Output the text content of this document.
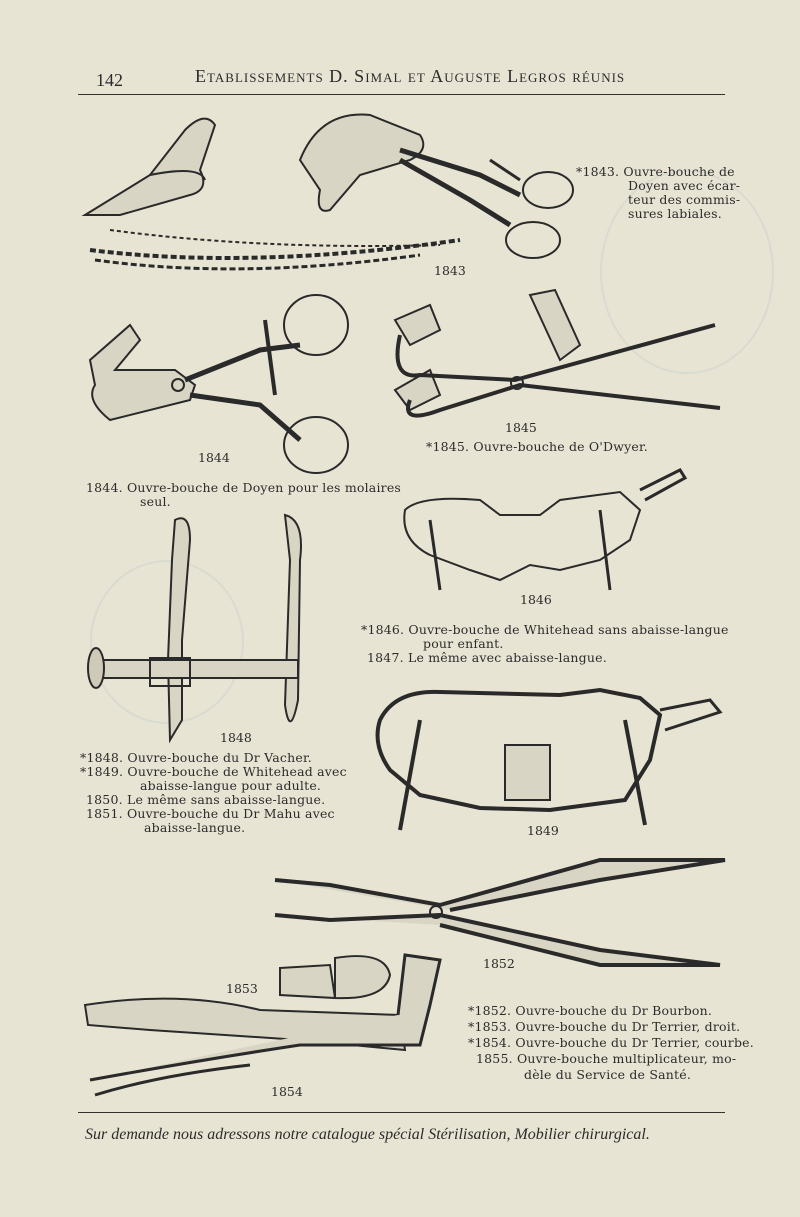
142	Etablissements D. Simal et Auguste Legros réunis
1843
1844
1845
1846
1848
1849
1852
1853
1854
*1843. Ouvre-bouche de
Doyen avec écar-
teur des commis-
sures labiales.
1844. Ouvre-bouche de Doyen pour les molaires
seul.
*1845. Ouvre-bouche de O'Dwyer.
*1846. Ouvre-bouche de Whitehead sans abaisse-langue
pour enfant.
1847. Le même avec abaisse-langue.
*1848. Ouvre-bouche du Dr Vacher.
*1849. Ouvre-bouche de Whitehead avec
abaisse-langue pour adulte.
1850. Le même sans abaisse-langue.
1851. Ouvre-bouche du Dr Mahu avec
abaisse-langue.
*1852. Ouvre-bouche du Dr Bourbon.
*1853. Ouvre-bouche du Dr Terrier, droit.
*1854. Ouvre-bouche du Dr Terrier, courbe.
1855. Ouvre-bouche multiplicateur, mo-
dèle du Service de Santé.
Sur demande nous adressons notre catalogue spécial Stérilisation, Mobilier chirurgical.
